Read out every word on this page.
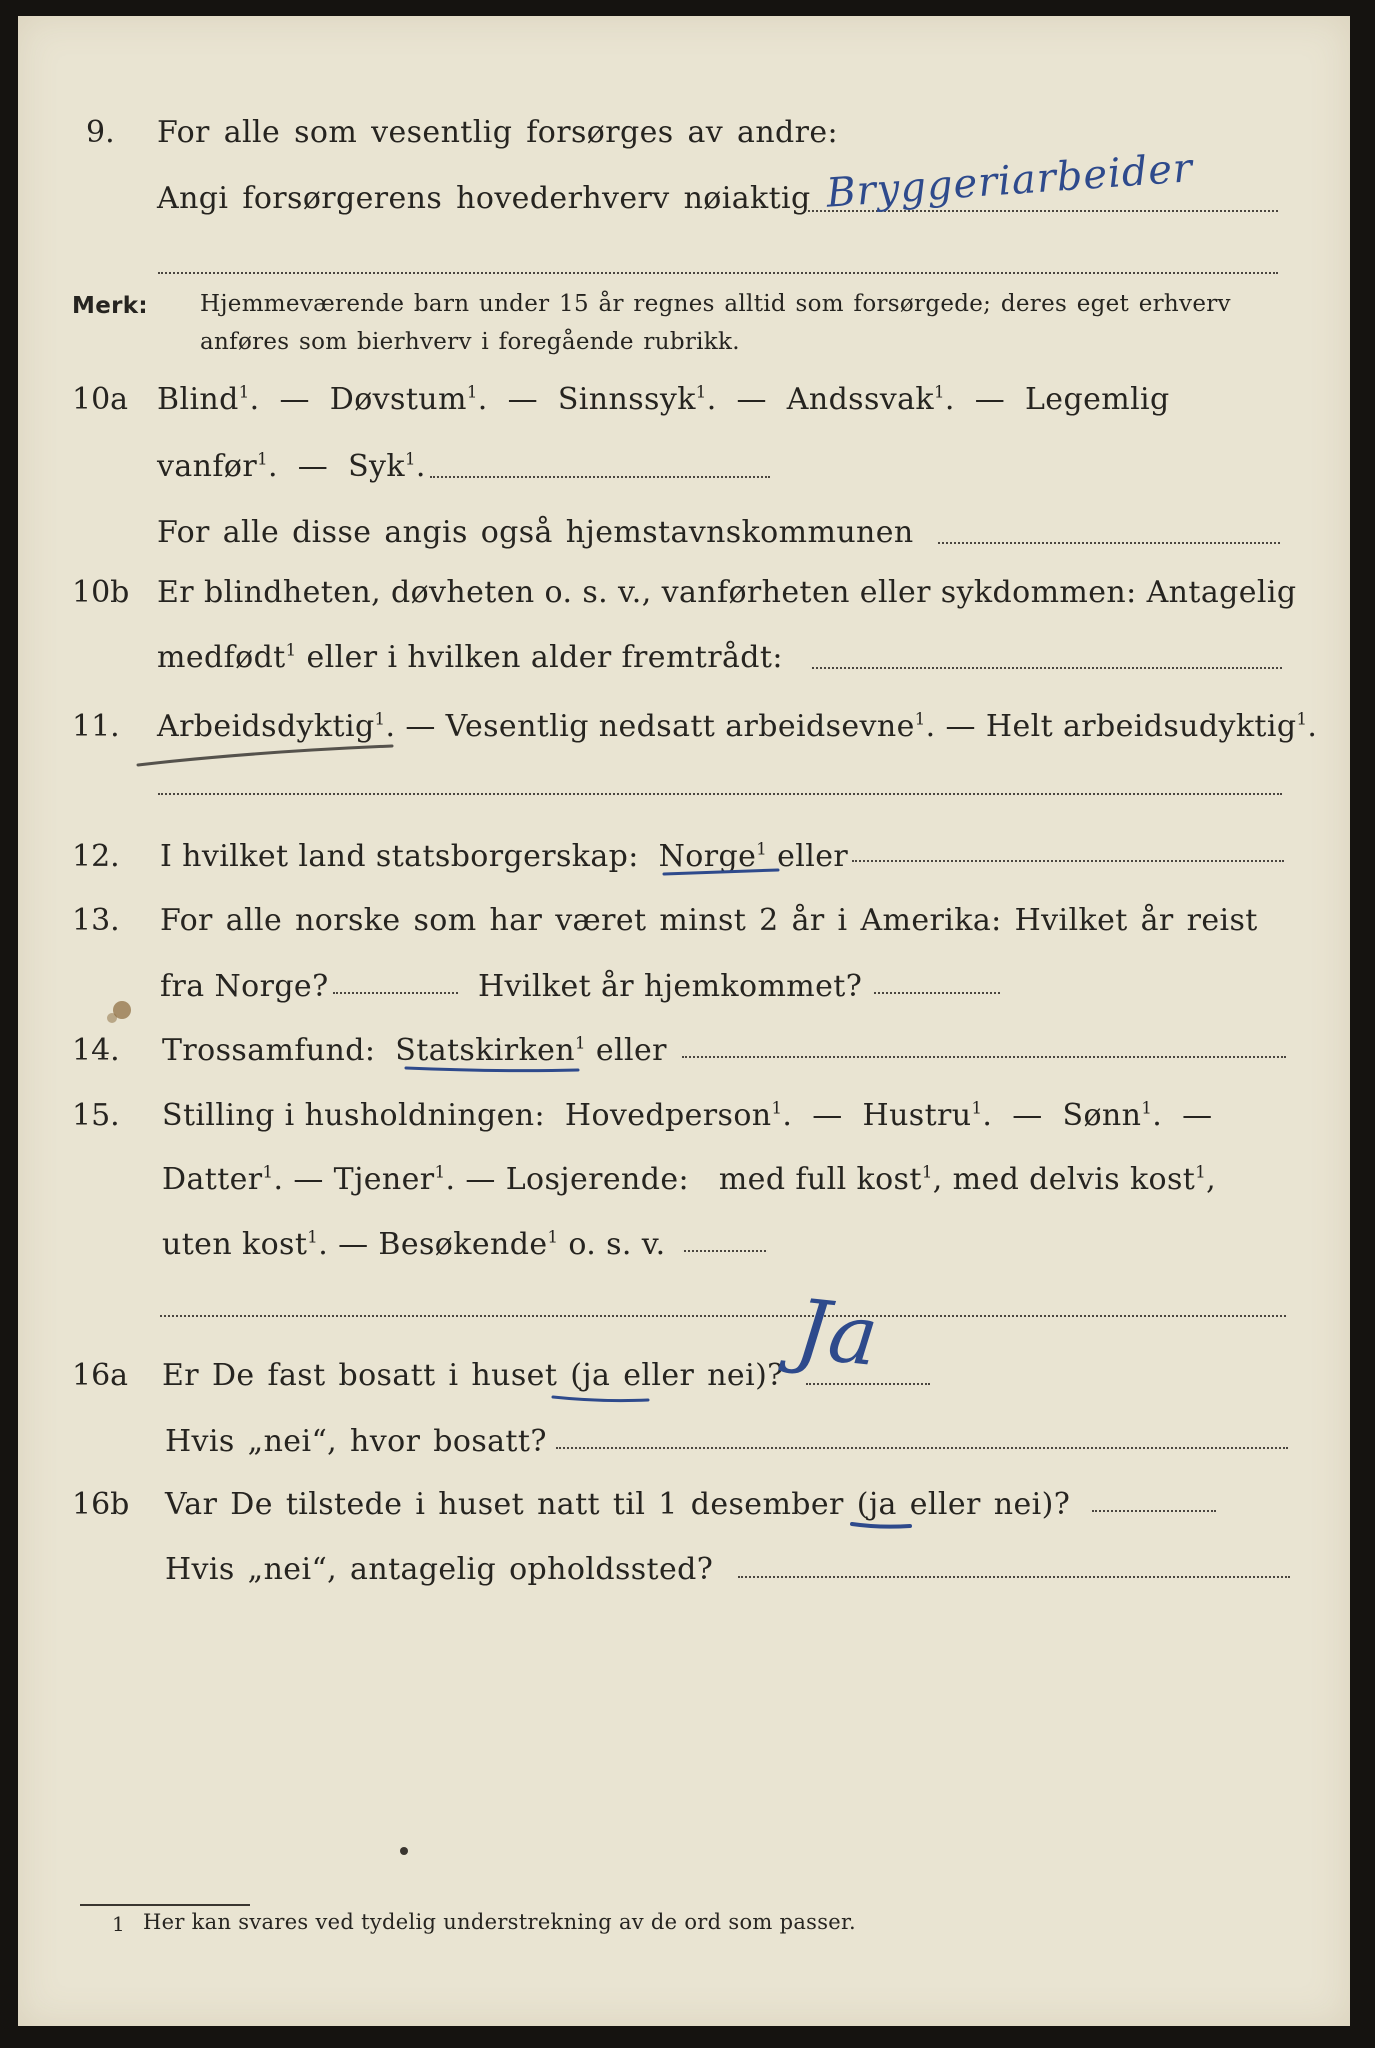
9. For alle som vesentlig forsørges av andre:
Angi forsørgerens hovederhverv nøiaktig Bryggeriarbeider
Merk: Hjemmeværende barn under 15 år regnes alltid som forsørgede; deres eget erhverv
anføres som bierhverv i foregående rubrikk.
10a Blind$^1$. — Døvstum$^1$. — Sinnssyk$^1$. — Andssvak$^1$. — Legemlig
vanfør$^1$. — Syk$^1$.
For alle disse angis også hjemstavnskommunen
10b Er blindheten, døvheten o. s. v., vanførheten eller sykdommen: Antagelig
medfødt$^1$ eller i hvilken alder fremtrådt:
11. Arbeidsdyktig$^1$. — Vesentlig nedsatt arbeidsevne$^1$. — Helt arbeidsudyktig$^1$.
12. I hvilket land statsborgerskap: Norge$^1$ eller
13. For alle norske som har været minst 2 år i Amerika: Hvilket år reist
fra Norge?	Hvilket år hjemkommet?
14. Trossamfund: Statskirken$^1$ eller
15. Stilling i husholdningen: Hovedperson$^1$. — Hustru$^1$. — Sønn$^1$. —
Datter$^1$. — Tjener$^1$. — Losjerende: med full kost$^1$, med delvis kost$^1$,
uten kost$^1$. — Besøkende$^1$ o. s. v.
16a Er De fast bosatt i huset (ja eller nei)? Ja
Hvis „nei“, hvor bosatt?
16b Var De tilstede i huset natt til 1 desember (ja eller nei)?
Hvis „nei“, antagelig opholdssted?
1 Her kan svares ved tydelig understrekning av de ord som passer.
